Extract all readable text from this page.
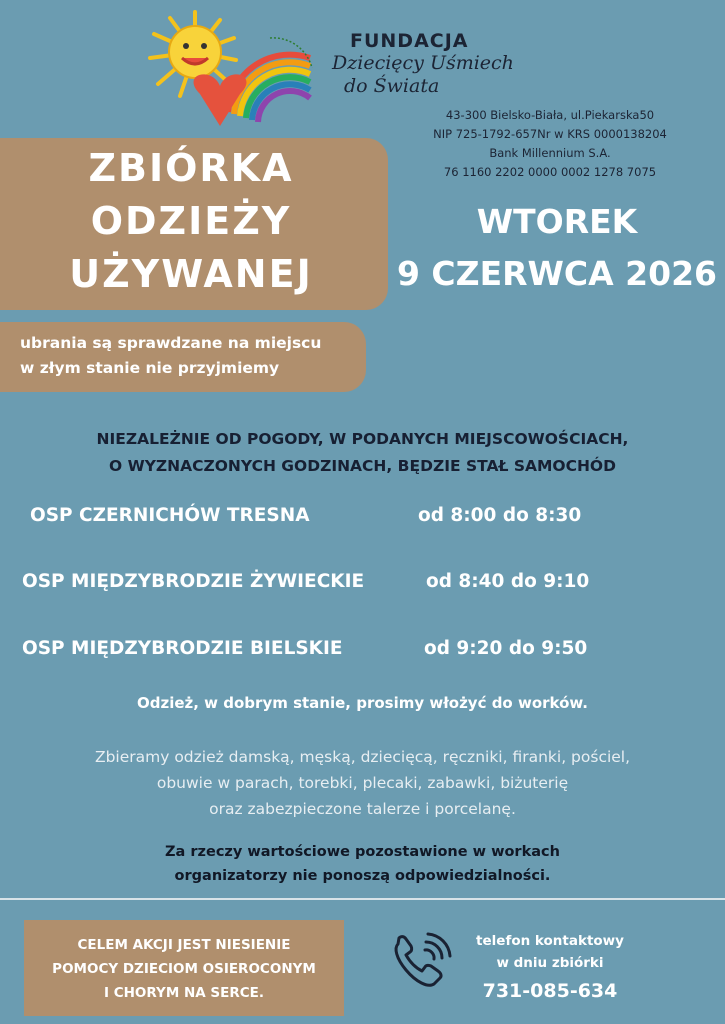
FUNDACJA
Dziecięcy Uśmiech
do Świata
43-300 Bielsko-Biała, ul.Piekarska50
NIP 725-1792-657Nr w KRS 0000138204
Bank Millennium S.A.
76 1160 2202 0000 0002 1278 7075
ZBIÓRKA
ODZIEŻY
UŻYWANEJ
WTOREK
9 CZERWCA 2026
ubrania są sprawdzane na miejscu
w złym stanie nie przyjmiemy
NIEZALEŻNIE OD POGODY, W PODANYCH MIEJSCOWOŚCIACH,
O WYZNACZONYCH GODZINACH, BĘDZIE STAŁ SAMOCHÓD
OSP CZERNICHÓW TRESNA	od 8:00 do 8:30
OSP MIĘDZYBRODZIE ŻYWIECKIE	od 8:40 do 9:10
OSP MIĘDZYBRODZIE BIELSKIE	od 9:20 do 9:50
Odzież, w dobrym stanie, prosimy włożyć do worków.
Zbieramy odzież damską, męską, dziecięcą, ręczniki, firanki, pościel,
obuwie w parach, torebki, plecaki, zabawki, biżuterię
oraz zabezpieczone talerze i porcelanę.
Za rzeczy wartościowe pozostawione w workach
organizatorzy nie ponoszą odpowiedzialności.
CELEM AKCJI JEST NIESIENIE
POMOCY DZIECIOM OSIEROCONYM
I CHORYM NA SERCE.
telefon kontaktowy
w dniu zbiórki
731-085-634
